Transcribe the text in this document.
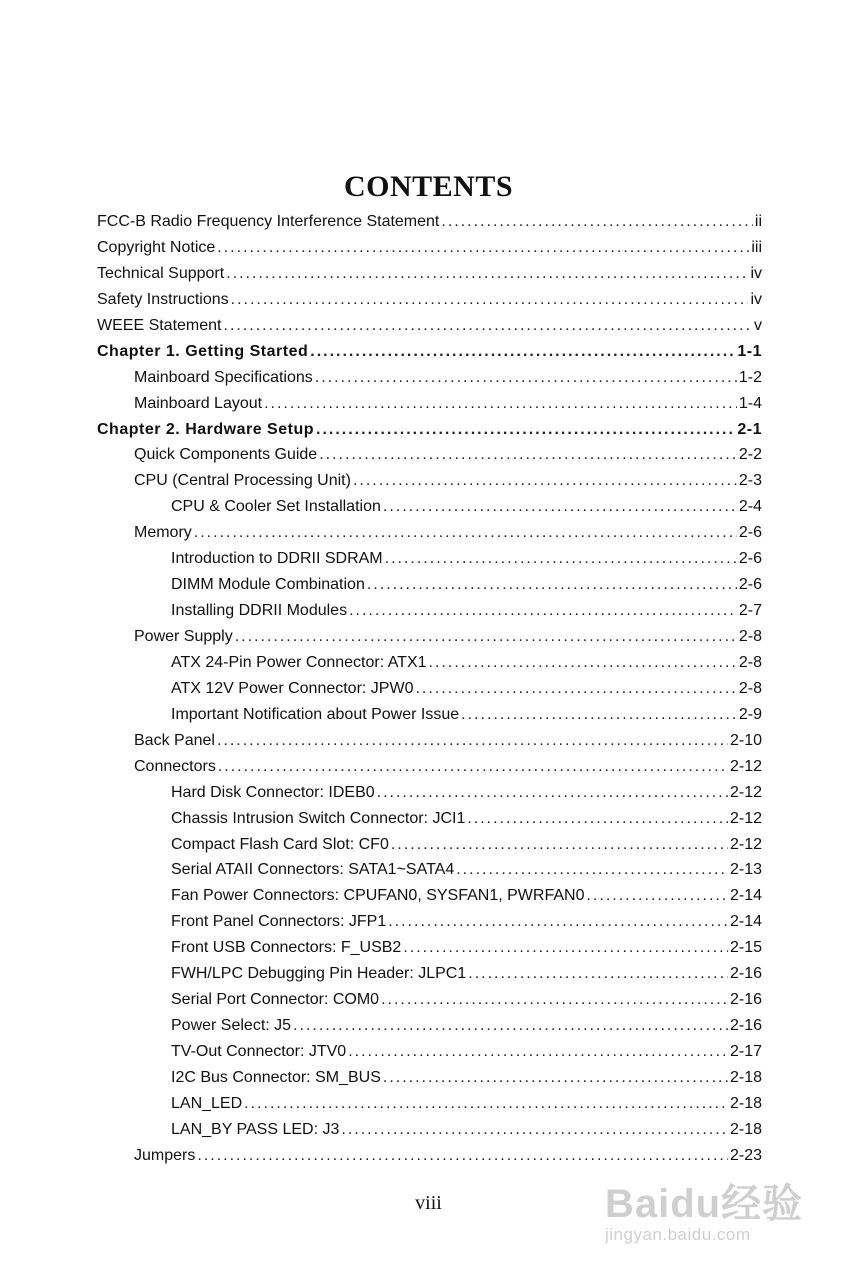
CONTENTS
FCC-B Radio Frequency Interference Statement .....	ii
Copyright Notice .....	iii
Technical Support .....	iv
Safety Instructions .....	iv
WEEE Statement .....	v
Chapter 1. Getting Started .....	1-1
Mainboard Specifications .....	1-2
Mainboard Layout .....	1-4
Chapter 2. Hardware Setup .....	2-1
Quick Components Guide .....	2-2
CPU (Central Processing Unit) .....	2-3
CPU & Cooler Set Installation .....	2-4
Memory .....	2-6
Introduction to DDRII SDRAM .....	2-6
DIMM Module Combination .....	2-6
Installing DDRII Modules .....	2-7
Power Supply .....	2-8
ATX 24-Pin Power Connector: ATX1 .....	2-8
ATX 12V Power Connector: JPW0 .....	2-8
Important Notification about Power Issue .....	2-9
Back Panel .....	2-10
Connectors .....	2-12
Hard Disk Connector: IDEB0 .....	2-12
Chassis Intrusion Switch Connector: JCI1 .....	2-12
Compact Flash Card Slot: CF0 .....	2-12
Serial ATAII Connectors: SATA1~SATA4 .....	2-13
Fan Power Connectors: CPUFAN0, SYSFAN1, PWRFAN0 .....	2-14
Front Panel Connectors: JFP1 .....	2-14
Front USB Connectors: F_USB2 .....	2-15
FWH/LPC Debugging Pin Header: JLPC1 .....	2-16
Serial Port Connector: COM0 .....	2-16
Power Select: J5 .....	2-16
TV-Out Connector: JTV0 .....	2-17
I2C Bus Connector: SM_BUS .....	2-18
LAN_LED .....	2-18
LAN_BY PASS LED: J3 .....	2-18
Jumpers .....	2-23
viii	Baidu经验
jingyan.baidu.com
